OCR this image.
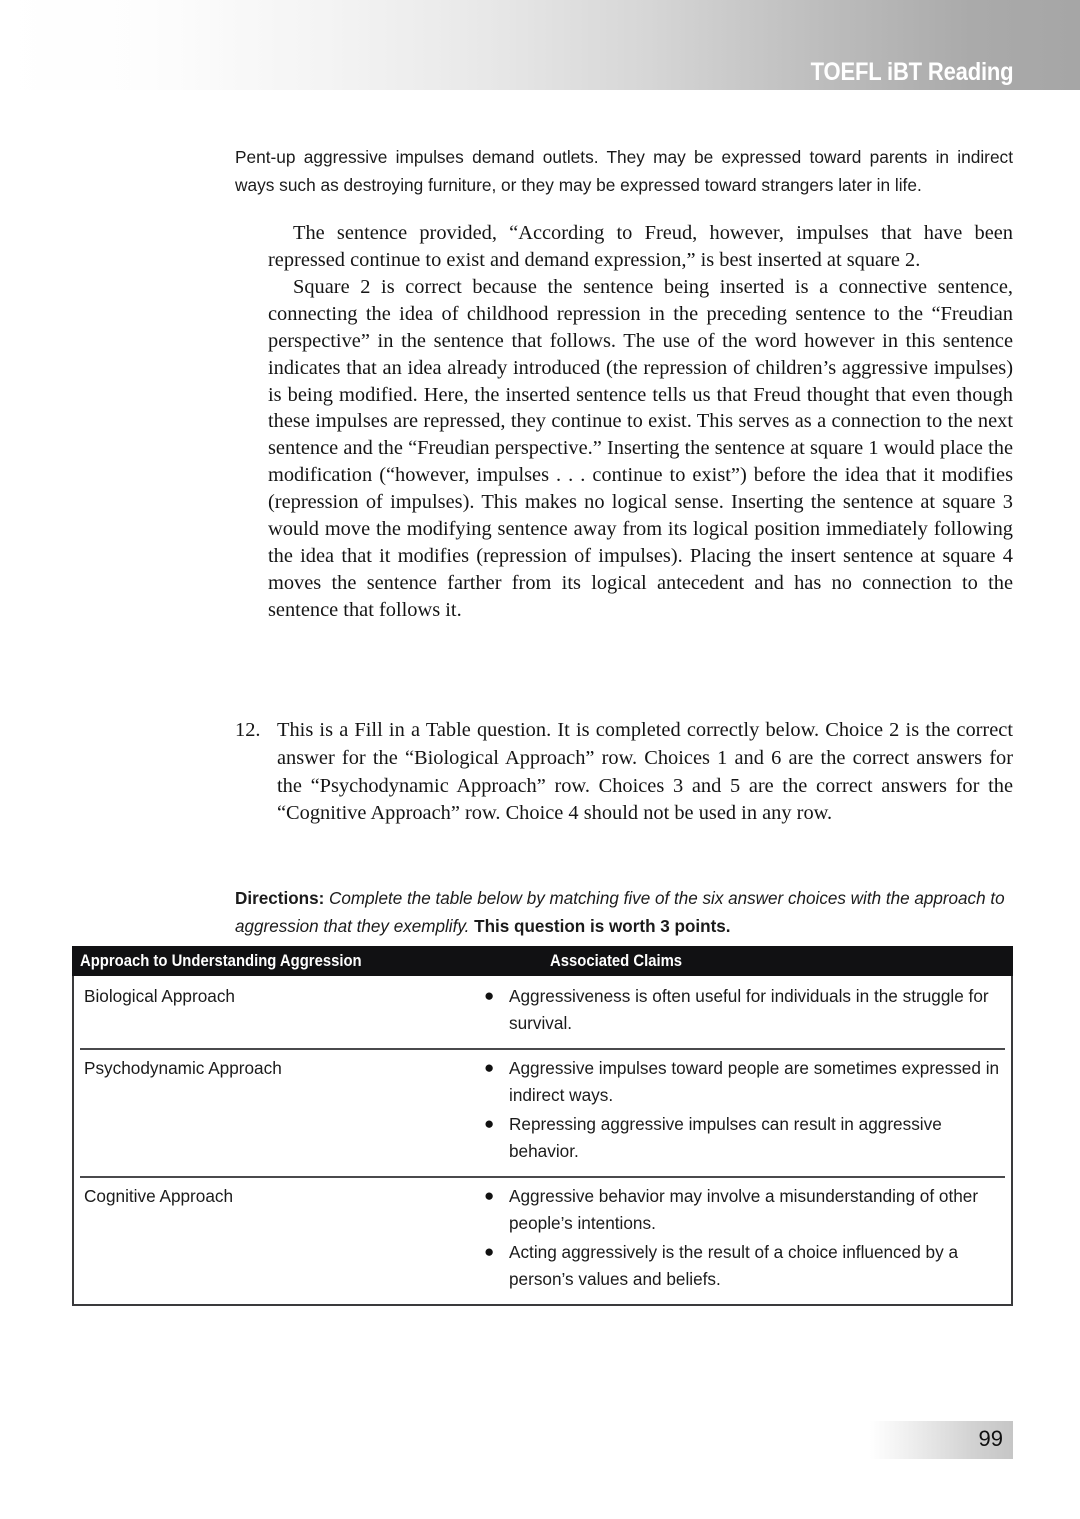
TOEFL iBT Reading

Pent-up aggressive impulses demand outlets. They may be expressed toward parents in indirect ways such as destroying furniture, or they may be expressed toward strangers later in life.

The sentence provided, “According to Freud, however, impulses that have been repressed continue to exist and demand expression,” is best inserted at square 2.

Square 2 is correct because the sentence being inserted is a connective sentence, connecting the idea of childhood repression in the preceding sentence to the “Freudian perspective” in the sentence that follows. The use of the word however in this sentence indicates that an idea already introduced (the repression of children’s aggressive impulses) is being modified. Here, the inserted sentence tells us that Freud thought that even though these impulses are repressed, they continue to exist. This serves as a connection to the next sentence and the “Freudian perspective.” Inserting the sentence at square 1 would place the modification (“however, impulses . . . continue to exist”) before the idea that it modifies (repression of impulses). This makes no logical sense. Inserting the sentence at square 3 would move the modifying sentence away from its logical position immediately following the idea that it modifies (repression of impulses). Placing the insert sentence at square 4 moves the sentence farther from its logical antecedent and has no connection to the sentence that follows it.

12. This is a Fill in a Table question. It is completed correctly below. Choice 2 is the correct answer for the “Biological Approach” row. Choices 1 and 6 are the correct answers for the “Psychodynamic Approach” row. Choices 3 and 5 are the correct answers for the “Cognitive Approach” row. Choice 4 should not be used in any row.

Directions: Complete the table below by matching five of the six answer choices with the approach to aggression that they exemplify. This question is worth 3 points.

Approach to Understanding Aggression	Associated Claims
Biological Approach	● Aggressiveness is often useful for individuals in the struggle for survival.
Psychodynamic Approach	● Aggressive impulses toward people are sometimes expressed in indirect ways.
● Repressing aggressive impulses can result in aggressive behavior.
Cognitive Approach	● Aggressive behavior may involve a misunderstanding of other people’s intentions.
● Acting aggressively is the result of a choice influenced by a person’s values and beliefs.
99
